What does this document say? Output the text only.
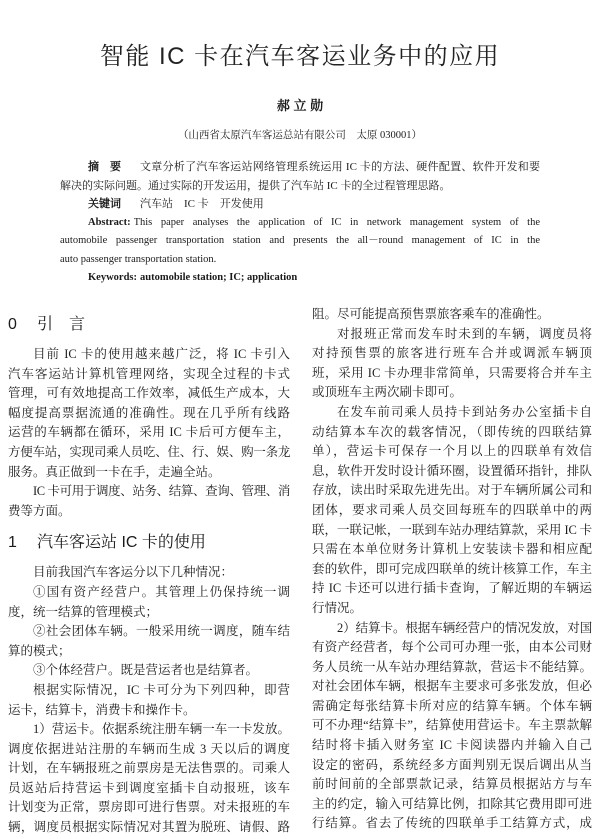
智能 IC 卡在汽车客运业务中的应用
郝 立 勋
（山西省太原汽车客运总站有限公司　太原 030001）
摘　要	文章分析了汽车客运站网络管理系统运用 IC 卡的方法、硬件配置、软件开发和要
解决的实际问题。通过实际的开发运用，提供了汽车站 IC 卡的全过程管理思路。
关键词	汽车站　IC 卡　开发使用
Abstract: This paper analyses the application of IC in network management system of the
automobile passenger transportation station and presents the all－round management of IC in the
auto passenger transportation station.
Keywords: automobile station; IC; application
0 引　言
目前 IC 卡的使用越来越广泛，将 IC 卡引入
汽车客运站计算机管理网络，实现全过程的卡式
管理，可有效地提高工作效率，减低生产成本，大
幅度提高票据流通的准确性。现在几乎所有线路
运营的车辆都在循环，采用 IC 卡后可方便车主，
方便车站，实现司乘人员吃、住、行、娱、购一条龙
服务。真正做到一卡在手，走遍全站。
IC 卡可用于调度、站务、结算、查询、管理、消
费等方面。
1 汽车客运站 IC 卡的使用
目前我国汽车客运分以下几种情况：
①国有资产经营户。其管理上仍保持统一调
度，统一结算的管理模式；
②社会团体车辆。一般采用统一调度，随车结
算的模式；
③个体经营户。既是营运者也是结算者。
根据实际情况，IC 卡可分为下列四种，即营
运卡，结算卡，消费卡和操作卡。
1）营运卡。依据系统注册车辆一车一卡发放。
调度依据进站注册的车辆而生成 3 天以后的调度
计划，在车辆报班之前票房是无法售票的。司乘人
员返站后持营运卡到调度室插卡自动报班，该车
计划变为正常，票房即可进行售票。对未报班的车
辆，调度员根据实际情况对其置为脱班、请假、路
阻。尽可能提高预售票旅客乘车的准确性。
对报班正常而发车时未到的车辆，调度员将
对持预售票的旅客进行班车合并或调派车辆顶
班，采用 IC 卡办理非常简单，只需要将合并车主
或顶班车主两次刷卡即可。
在发车前司乘人员持卡到站务办公室插卡自
动结算本车次的载客情况，（即传统的四联结算
单），营运卡可保存一个月以上的四联单有效信
息，软件开发时设计循环圈，设置循环指针，排队
存放，读出时采取先进先出。对于车辆所属公司和
团体，要求司乘人员交回每班车的四联单中的两
联，一联记帐，一联到车站办理结算款，采用 IC 卡
只需在本单位财务计算机上安装读卡器和相应配
套的软件，即可完成四联单的统计核算工作，车主
持 IC 卡还可以进行插卡查询，了解近期的车辆运
行情况。
2）结算卡。根据车辆经营户的情况发放，对国
有资产经营者，每个公司可办理一张，由本公司财
务人员统一从车站办理结算款，营运卡不能结算。
对社会团体车辆，根据车主要求可多张发放，但必
需确定每张结算卡所对应的结算车辆。个体车辆
可不办理“结算卡”，结算使用营运卡。车主票款解
结时将卡插入财务室 IC 卡阅读器内并输入自己
设定的密码，系统经多方面判别无误后调出从当
前时间前的全部票款记录，结算员根据站方与车
主的约定，输入可结算比例，扣除其它费用即可进
行结算。省去了传统的四联单手工结算方式，成
